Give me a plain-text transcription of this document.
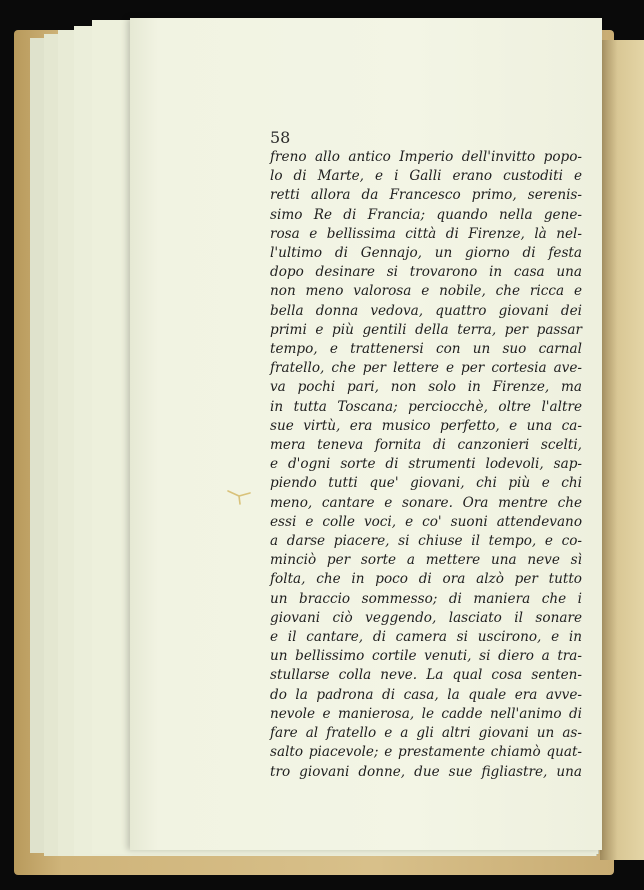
58

freno allo antico Imperio dell'invitto popo-
lo di Marte, e i Galli erano custoditi e
retti allora da Francesco primo, serenis-
simo Re di Francia; quando nella gene-
rosa e bellissima città di Firenze, là nel-
l'ultimo di Gennajo, un giorno di festa
dopo desinare si trovarono in casa una
non meno valorosa e nobile, che ricca e
bella donna vedova, quattro giovani dei
primi e più gentili della terra, per passar
tempo, e trattenersi con un suo carnal
fratello, che per lettere e per cortesia ave-
va pochi pari, non solo in Firenze, ma
in tutta Toscana; perciocchè, oltre l'altre
sue virtù, era musico perfetto, e una ca-
mera teneva fornita di canzonieri scelti,
e d'ogni sorte di strumenti lodevoli, sap-
piendo tutti que' giovani, chi più e chi
meno, cantare e sonare. Ora mentre che
essi e colle voci, e co' suoni attendevano
a darse piacere, si chiuse il tempo, e co-
minciò per sorte a mettere una neve sì
folta, che in poco di ora alzò per tutto
un braccio sommesso; di maniera che i
giovani ciò veggendo, lasciato il sonare
e il cantare, di camera si uscirono, e in
un bellissimo cortile venuti, si diero a tra-
stullarse colla neve. La qual cosa senten-
do la padrona di casa, la quale era avve-
nevole e manierosa, le cadde nell'animo di
fare al fratello e a gli altri giovani un as-
salto piacevole; e prestamente chiamò quat-
tro giovani donne, due sue figliastre, una
